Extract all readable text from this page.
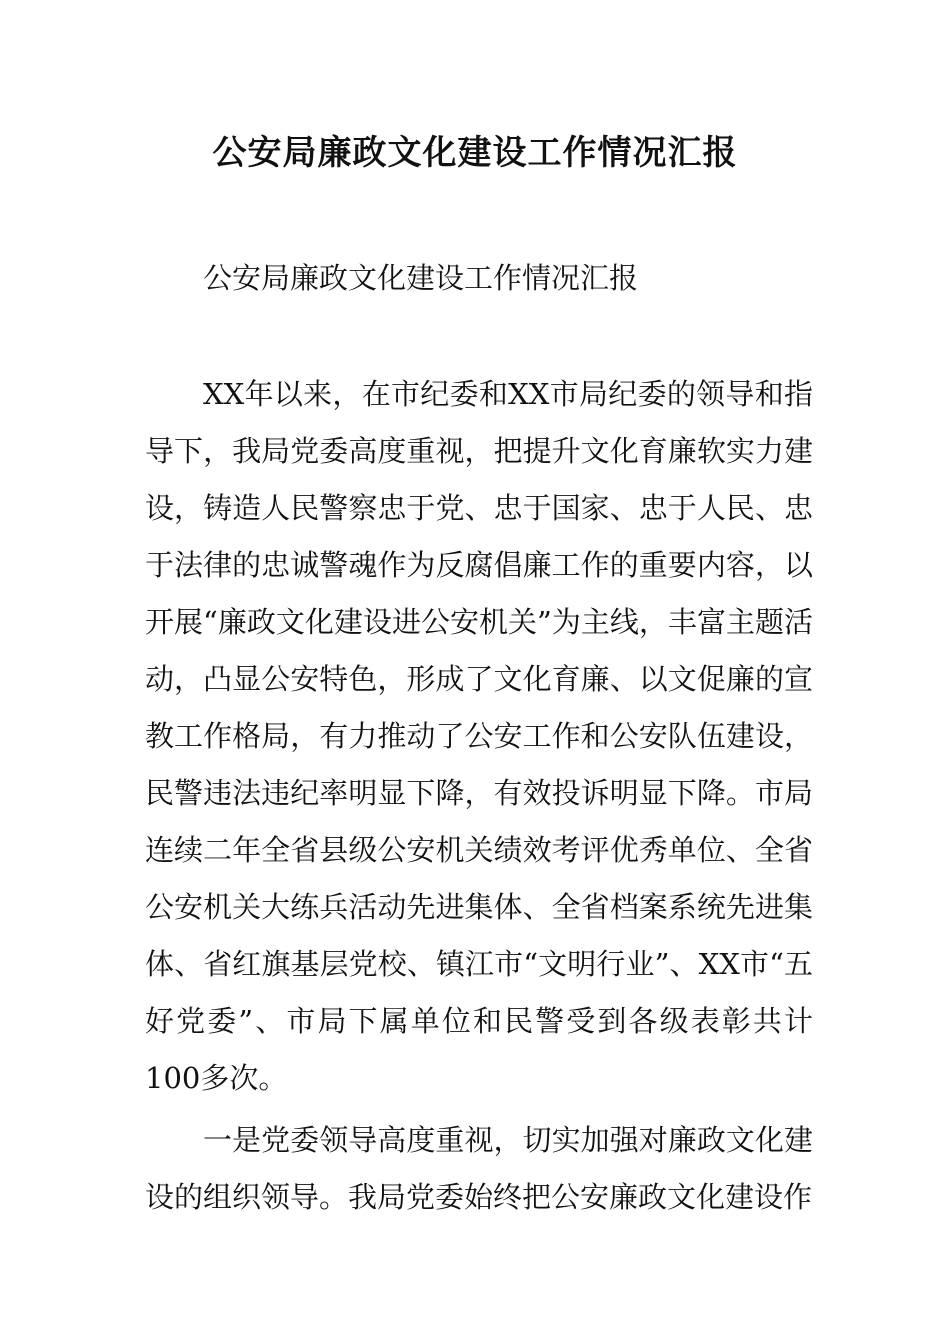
公安局廉政文化建设工作情况汇报

公安局廉政文化建设工作情况汇报

XX年以来，在市纪委和XX市局纪委的领导和指导下，我局党委高度重视，把提升文化育廉软实力建设，铸造人民警察忠于党、忠于国家、忠于人民、忠于法律的忠诚警魂作为反腐倡廉工作的重要内容，以开展“廉政文化建设进公安机关”为主线，丰富主题活动，凸显公安特色，形成了文化育廉、以文促廉的宣教工作格局，有力推动了公安工作和公安队伍建设，民警违法违纪率明显下降，有效投诉明显下降。市局连续二年全省县级公安机关绩效考评优秀单位、全省公安机关大练兵活动先进集体、全省档案系统先进集体、省红旗基层党校、镇江市“文明行业”、XX市“五好党委”、市局下属单位和民警受到各级表彰共计100多次。

一是党委领导高度重视，切实加强对廉政文化建设的组织领导。我局党委始终把公安廉政文化建设作
